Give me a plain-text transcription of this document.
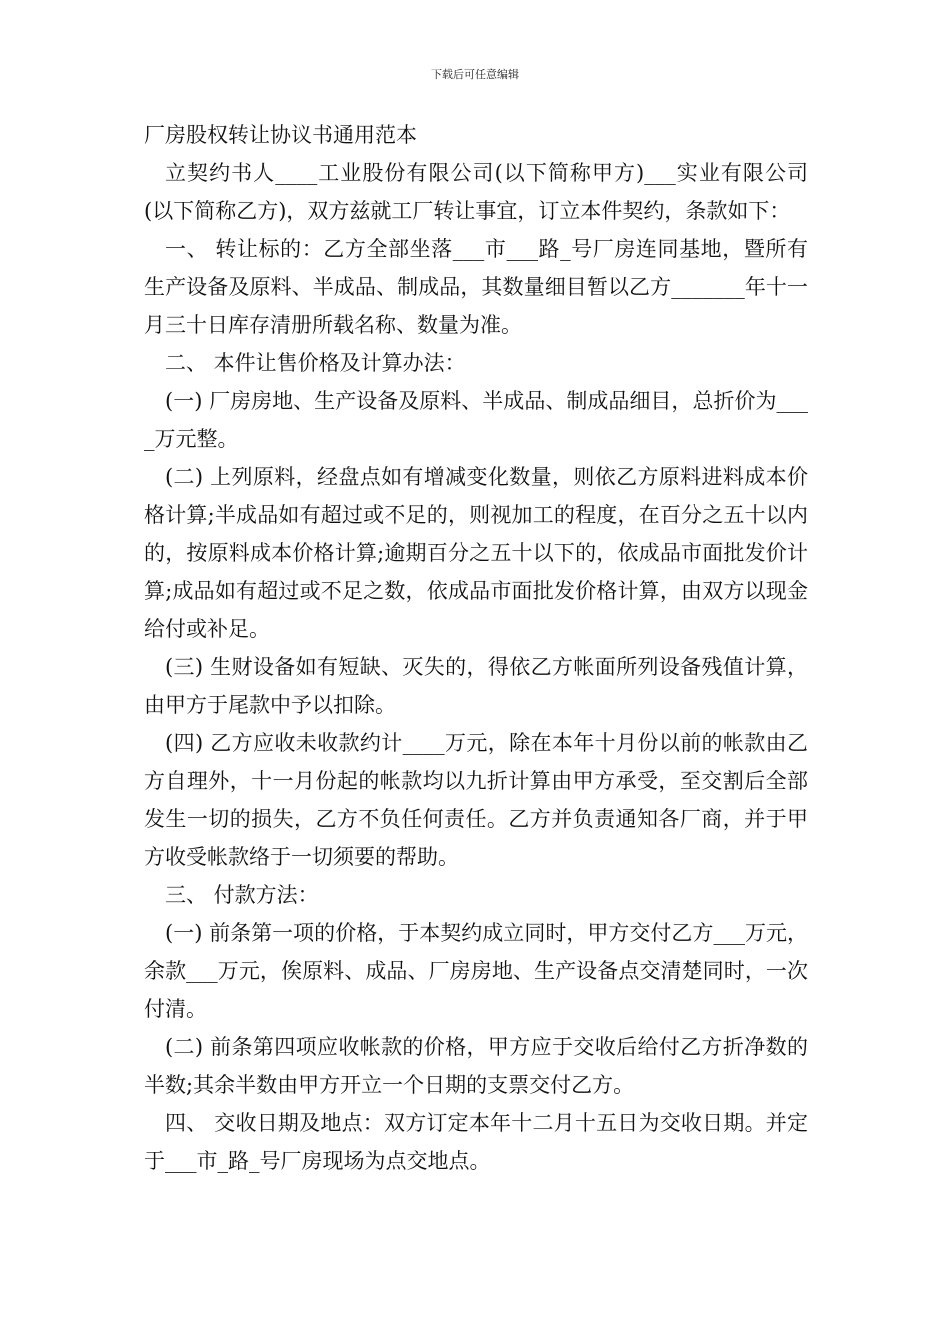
下载后可任意编辑

厂房股权转让协议书通用范本

立契约书人____工业股份有限公司(以下简称甲方)___实业有限公司(以下简称乙方)，双方兹就工厂转让事宜，订立本件契约，条款如下：

一、 转让标的：乙方全部坐落___市___路_号厂房连同基地，暨所有生产设备及原料、半成品、制成品，其数量细目暂以乙方_______年十一月三十日库存清册所载名称、数量为准。

二、 本件让售价格及计算办法：

(一) 厂房房地、生产设备及原料、半成品、制成品细目，总折价为____万元整。

(二) 上列原料，经盘点如有增减变化数量，则依乙方原料进料成本价格计算;半成品如有超过或不足的，则视加工的程度，在百分之五十以内的，按原料成本价格计算;逾期百分之五十以下的，依成品市面批发价计算;成品如有超过或不足之数，依成品市面批发价格计算，由双方以现金给付或补足。

(三) 生财设备如有短缺、灭失的，得依乙方帐面所列设备残值计算，由甲方于尾款中予以扣除。

(四) 乙方应收未收款约计____万元，除在本年十月份以前的帐款由乙方自理外，十一月份起的帐款均以九折计算由甲方承受，至交割后全部发生一切的损失，乙方不负任何责任。乙方并负责通知各厂商，并于甲方收受帐款络于一切须要的帮助。

三、 付款方法：

(一) 前条第一项的价格，于本契约成立同时，甲方交付乙方___万元，余款___万元，俟原料、成品、厂房房地、生产设备点交清楚同时，一次付清。

(二) 前条第四项应收帐款的价格，甲方应于交收后给付乙方折净数的半数;其余半数由甲方开立一个日期的支票交付乙方。

四、 交收日期及地点：双方订定本年十二月十五日为交收日期。并定于___市_路_号厂房现场为点交地点。
